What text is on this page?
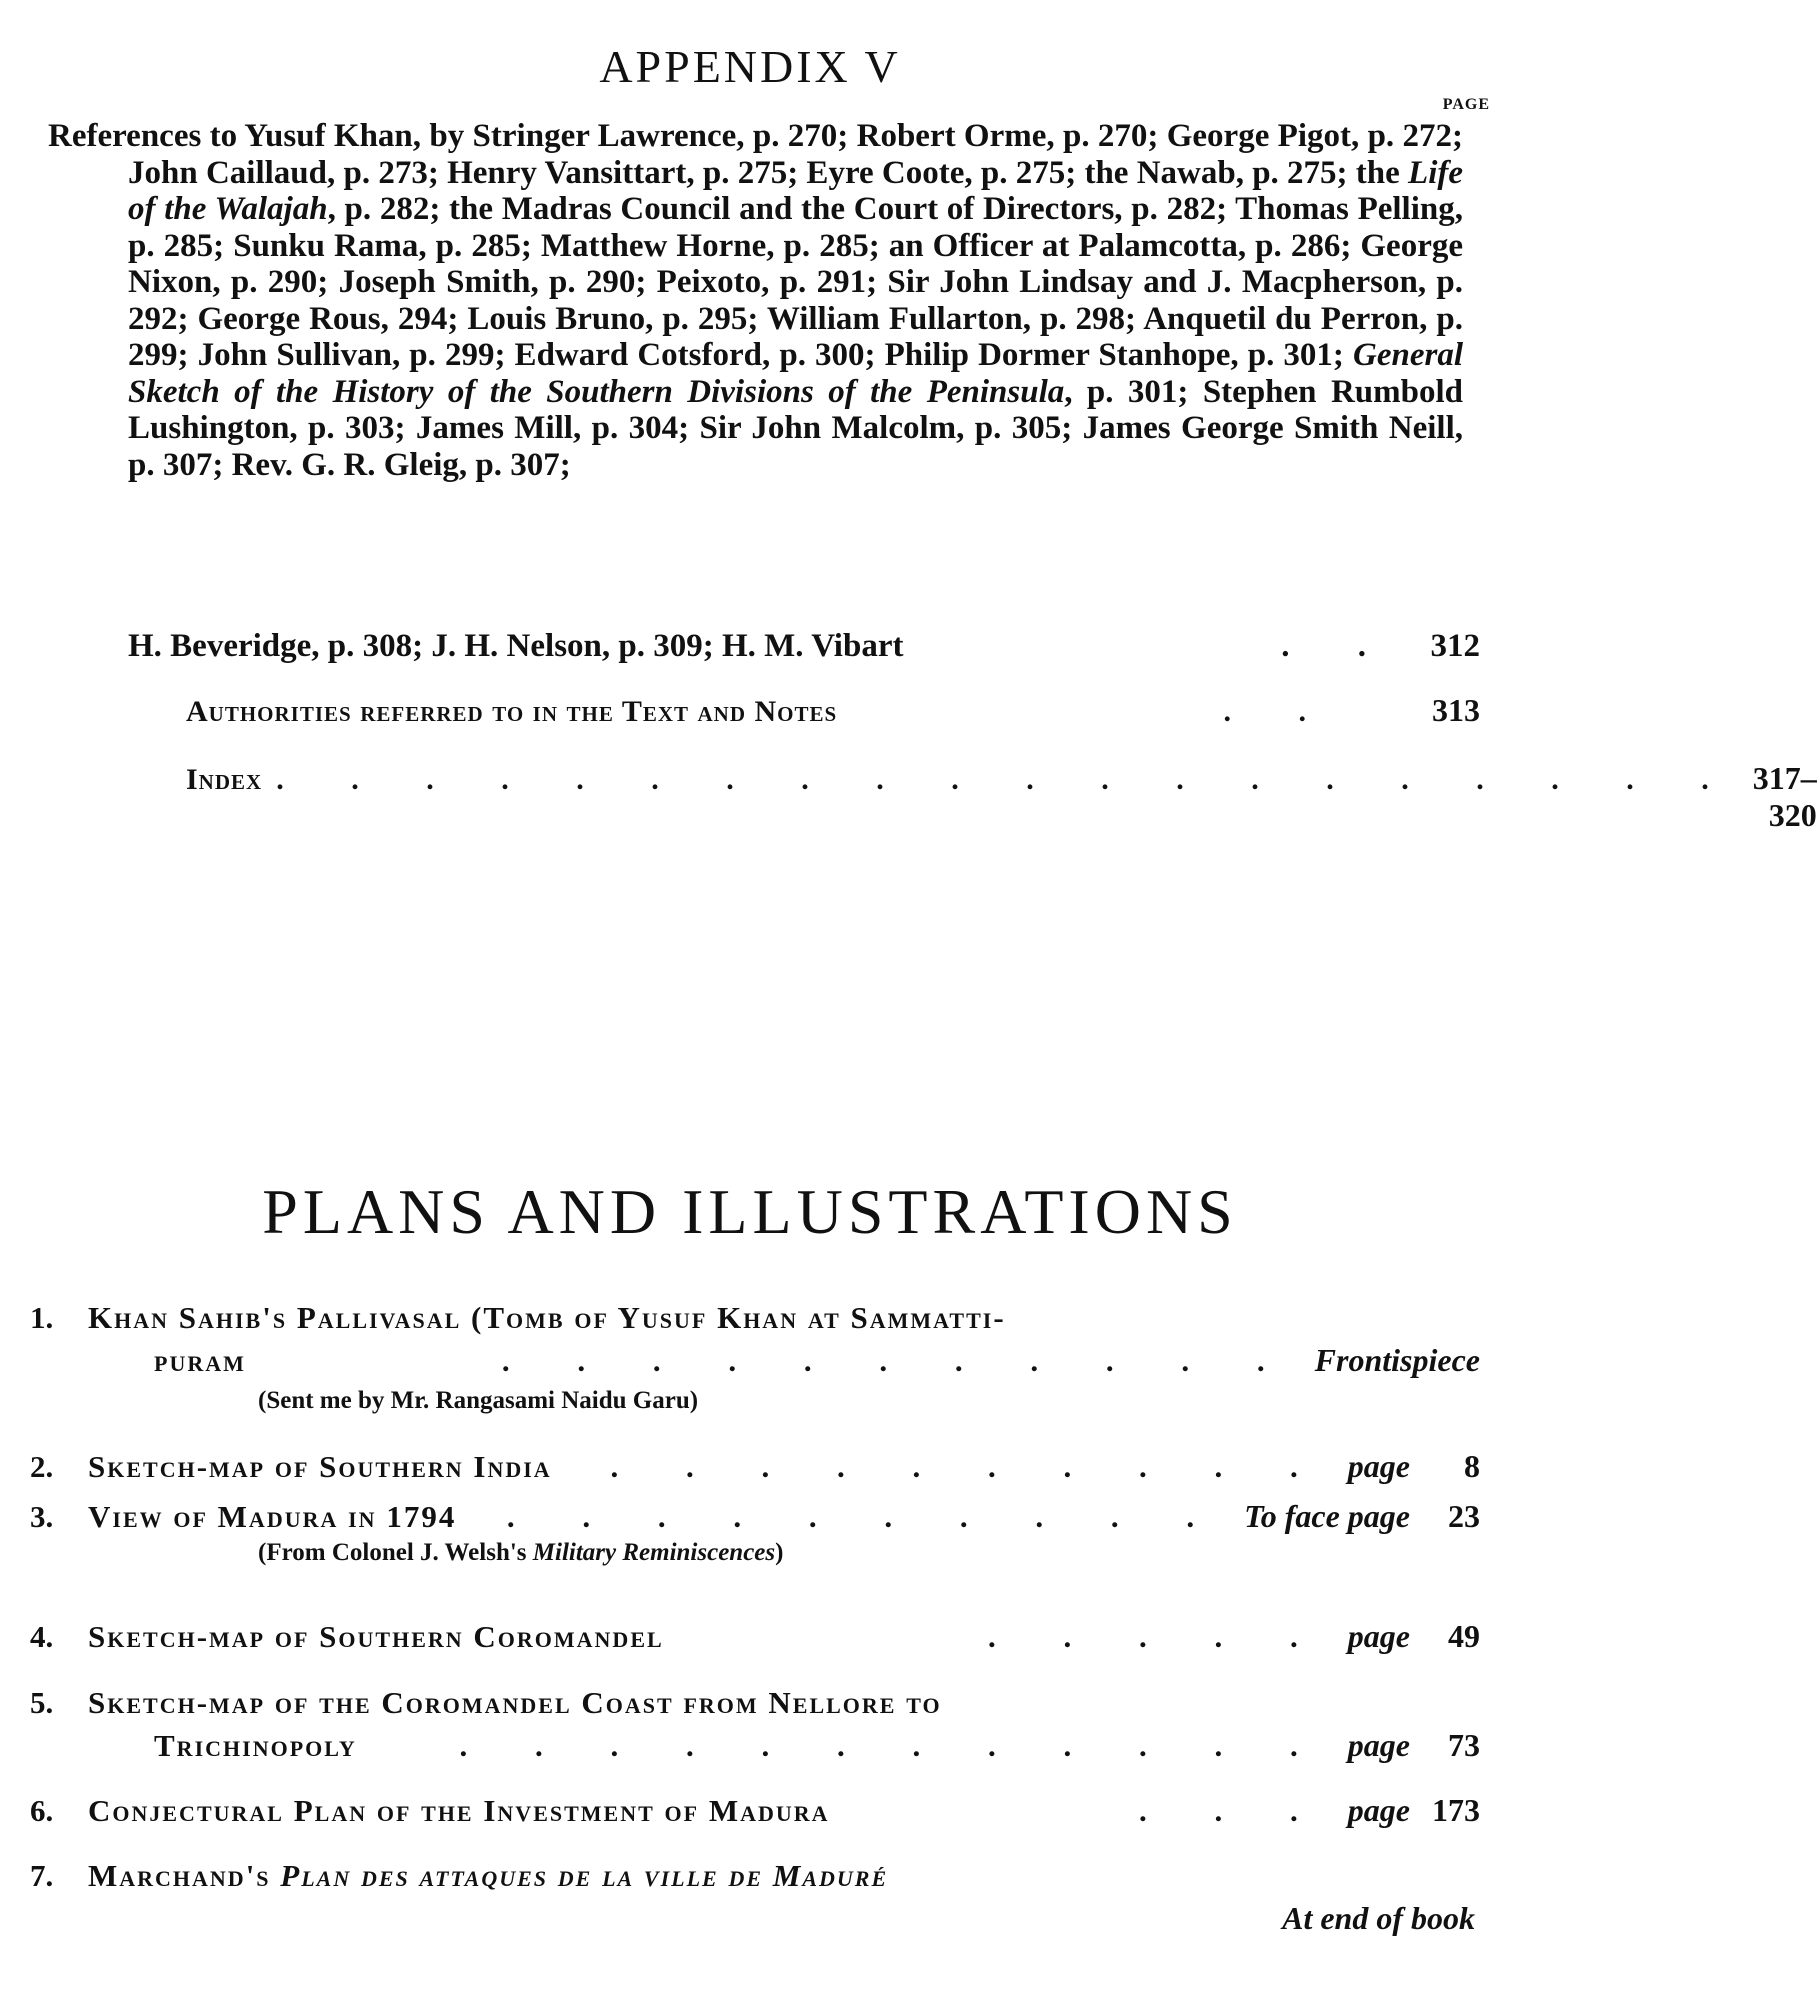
APPENDIX V
PAGE
References to Yusuf Khan, by Stringer Lawrence, p. 270; Robert Orme, p. 270; George Pigot, p. 272; John Caillaud, p. 273; Henry Vansittart, p. 275; Eyre Coote, p. 275; the Nawab, p. 275; the Life of the Walajah, p. 282; the Madras Council and the Court of Directors, p. 282; Thomas Pelling, p. 285; Sunku Rama, p. 285; Matthew Horne, p. 285; an Officer at Palamcotta, p. 286; George Nixon, p. 290; Joseph Smith, p. 290; Peixoto, p. 291; Sir John Lindsay and J. Macpherson, p. 292; George Rous, 294; Louis Bruno, p. 295; William Fullarton, p. 298; Anquetil du Perron, p. 299; John Sullivan, p. 299; Edward Cotsford, p. 300; Philip Dormer Stanhope, p. 301; General Sketch of the History of the Southern Divisions of the Peninsula, p. 301; Stephen Rumbold Lushington, p. 303; James Mill, p. 304; Sir John Malcolm, p. 305; James George Smith Neill, p. 307; Rev. G. R. Gleig, p. 307;
H. Beveridge, p. 308; J. H. Nelson, p. 309; H. M. Vibart	. .	312
Authorities referred to in the Text and Notes	. .	313
Index . . . . . . . . . . . . . . . . . . . . 317–320
PLANS AND ILLUSTRATIONS
1. Khan Sahib's Pallivasal (Tomb of Yusuf Khan at Sammatti-
puram	. . . . . . . . . . . Frontispiece
(Sent me by Mr. Rangasami Naidu Garu)
2.	Sketch-map of Southern India	. . . . . . . . . . page	8
3.	View of Madura in 1794	. . . . . . . . . . To face page	23
(From Colonel J. Welsh's Military Reminiscences)
4.	Sketch-map of Southern Coromandel	. . . . . page	49
5. Sketch-map of the Coromandel Coast from Nellore to
Trichinopoly	. . . . . . . . . . . . page	73
6.	Conjectural Plan of the Investment of Madura	. . . page 173
7. Marchand's Plan des attaques de la ville de Maduré
At end of book
